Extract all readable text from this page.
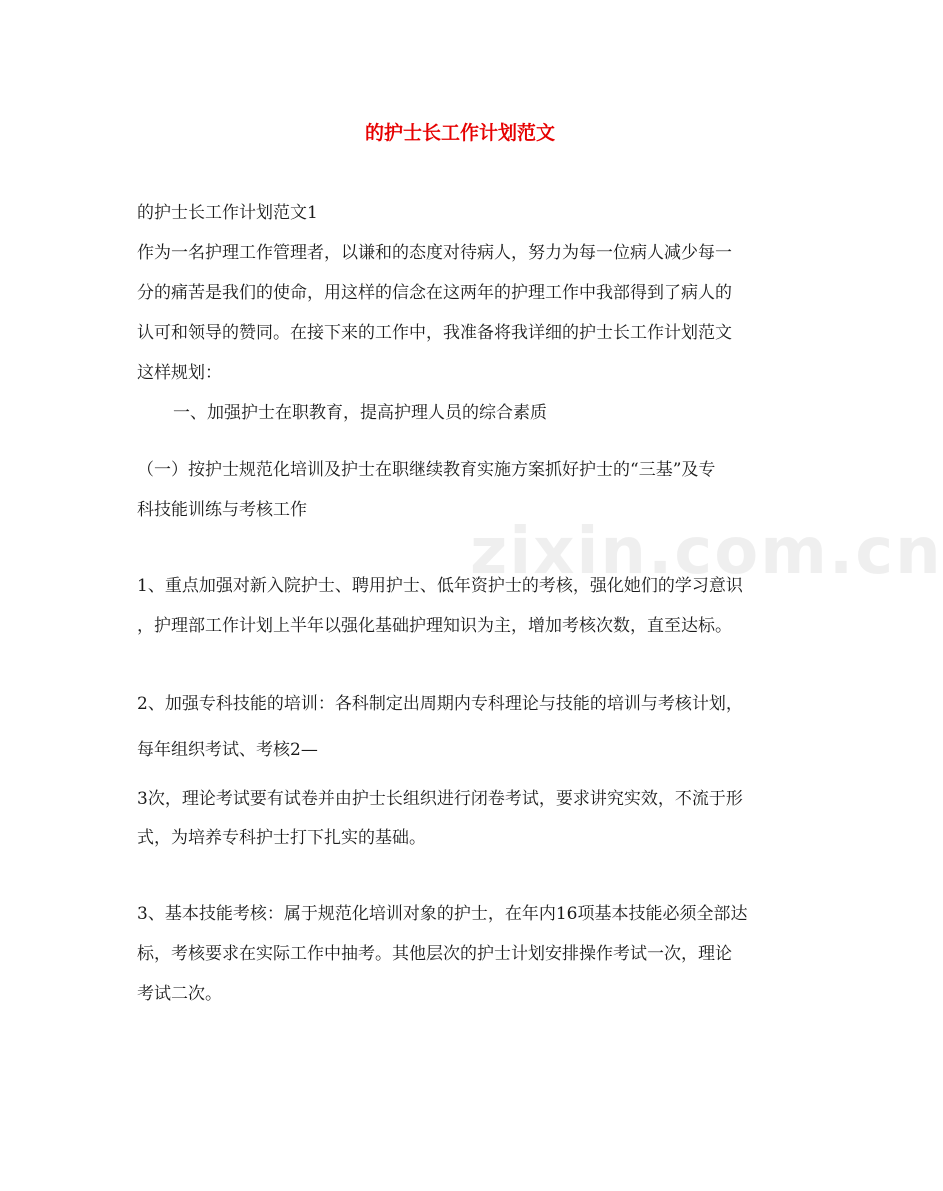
zixin.com.cn
的护士长工作计划范文

的护士长工作计划范文1

作为一名护理工作管理者，以谦和的态度对待病人，努力为每一位病人减少每一

分的痛苦是我们的使命，用这样的信念在这两年的护理工作中我部得到了病人的

认可和领导的赞同。在接下来的工作中，我准备将我详细的护士长工作计划范文

这样规划：

一、加强护士在职教育，提高护理人员的综合素质

（一）按护士规范化培训及护士在职继续教育实施方案抓好护士的“三基”及专

科技能训练与考核工作

1、重点加强对新入院护士、聘用护士、低年资护士的考核，强化她们的学习意识

，护理部工作计划上半年以强化基础护理知识为主，增加考核次数，直至达标。

2、加强专科技能的培训：各科制定出周期内专科理论与技能的培训与考核计划，

每年组织考试、考核2—

3次，理论考试要有试卷并由护士长组织进行闭卷考试，要求讲究实效，不流于形

式，为培养专科护士打下扎实的基础。

3、基本技能考核：属于规范化培训对象的护士，在年内16项基本技能必须全部达

标，考核要求在实际工作中抽考。其他层次的护士计划安排操作考试一次，理论

考试二次。
